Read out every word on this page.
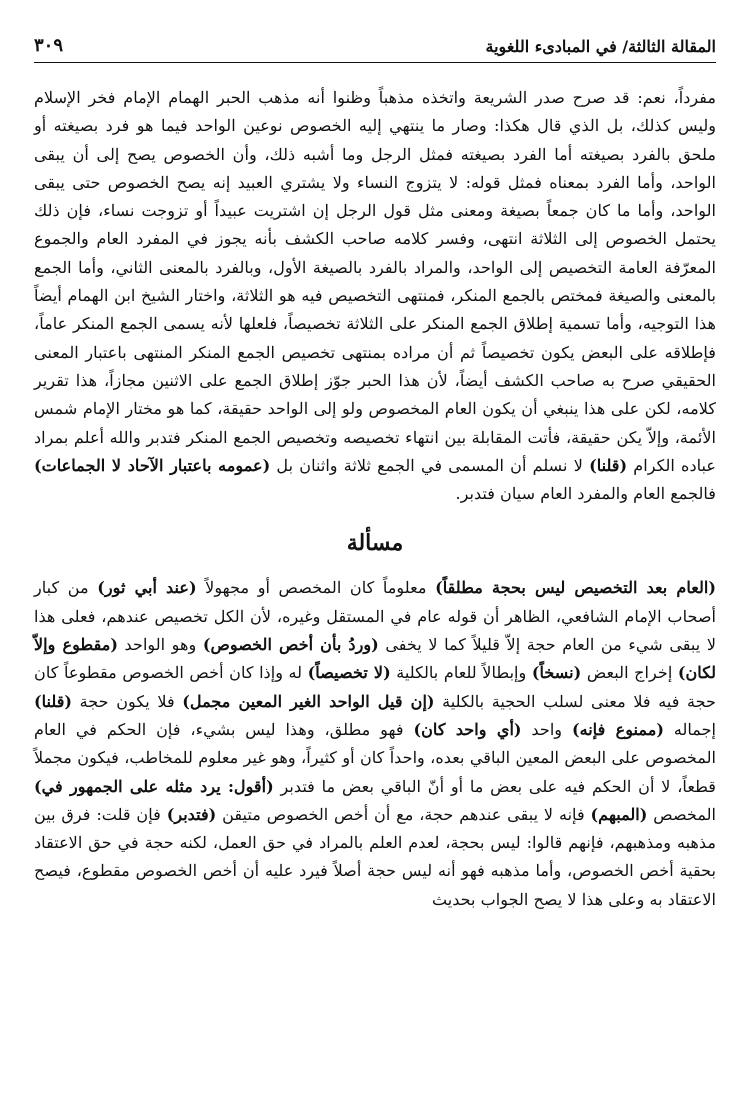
المقالة الثالثة/ في المبادىء اللغوية
٣٠٩

مفرداً، نعم: قد صرح صدر الشريعة واتخذه مذهباً وظنوا أنه مذهب الحبر الهمام الإمام فخر الإسلام وليس كذلك، بل الذي قال هكذا: وصار ما ينتهي إليه الخصوص نوعين الواحد فيما هو فرد بصيغته أو ملحق بالفرد بصيغته أما الفرد بصيغته فمثل الرجل وما أشبه ذلك، وأن الخصوص يصح إلى أن يبقى الواحد، وأما الفرد بمعناه فمثل قوله: لا يتزوج النساء ولا يشتري العبيد إنه يصح الخصوص حتى يبقى الواحد، وأما ما كان جمعاً بصيغة ومعنى مثل قول الرجل إن اشتريت عبيداً أو تزوجت نساء، فإن ذلك يحتمل الخصوص إلى الثلاثة انتهى، وفسر كلامه صاحب الكشف بأنه يجوز في المفرد العام والجموع المعرّفة العامة التخصيص إلى الواحد، والمراد بالفرد بالصيغة الأول، وبالفرد بالمعنى الثاني، وأما الجمع بالمعنى والصيغة فمختص بالجمع المنكر، فمنتهى التخصيص فيه هو الثلاثة، واختار الشيخ ابن الهمام أيضاً هذا التوجيه، وأما تسمية إطلاق الجمع المنكر على الثلاثة تخصيصاً، فلعلها لأنه يسمى الجمع المنكر عاماً، فإطلاقه على البعض يكون تخصيصاً ثم أن مراده بمنتهى تخصيص الجمع المنكر المنتهى باعتبار المعنى الحقيقي صرح به صاحب الكشف أيضاً، لأن هذا الحبر جوّز إطلاق الجمع على الاثنين مجازاً، هذا تقرير كلامه، لكن على هذا ينبغي أن يكون العام المخصوص ولو إلى الواحد حقيقة، كما هو مختار الإمام شمس الأئمة، وإلاّ يكن حقيقة، فأتت المقابلة بين انتهاء تخصيصه وتخصيص الجمع المنكر فتدبر والله أعلم بمراد عباده الكرام (قلنا) لا نسلم أن المسمى في الجمع ثلاثة واثنان بل (عمومه باعتبار الآحاد لا الجماعات) فالجمع العام والمفرد العام سيان فتدبر.

مسألة

(العام بعد التخصيص ليس بحجة مطلقاً) معلوماً كان المخصص أو مجهولاً (عند أبي ثور) من كبار أصحاب الإمام الشافعي، الظاهر أن قوله عام في المستقل وغيره، لأن الكل تخصيص عندهم، فعلى هذا لا يبقى شيء من العام حجة إلاّ قليلاً كما لا يخفى (وردُ بأن أخص الخصوص) وهو الواحد (مقطوع وإلاّ لكان) إخراج البعض (نسخاً) وإبطالاً للعام بالكلية (لا تخصيصاً) له وإذا كان أخص الخصوص مقطوعاً كان حجة فيه فلا معنى لسلب الحجية بالكلية (إن قيل الواحد الغير المعين مجمل) فلا يكون حجة (قلنا) إجماله (ممنوع فإنه) واحد (أي واحد كان) فهو مطلق، وهذا ليس بشيء، فإن الحكم في العام المخصوص على البعض المعين الباقي بعده، واحداً كان أو كثيراً، وهو غير معلوم للمخاطب، فيكون مجملاً قطعاً، لا أن الحكم فيه على بعض ما أو أنّ الباقي بعض ما فتدبر (أقول: يرد مثله على الجمهور في) المخصص (المبهم) فإنه لا يبقى عندهم حجة، مع أن أخص الخصوص متيقن (فتدبر) فإن قلت: فرق بين مذهبه ومذهبهم، فإنهم قالوا: ليس بحجة، لعدم العلم بالمراد في حق العمل، لكنه حجة في حق الاعتقاد بحقية أخص الخصوص، وأما مذهبه فهو أنه ليس حجة أصلاً فيرد عليه أن أخص الخصوص مقطوع، فيصح الاعتقاد به وعلى هذا لا يصح الجواب بحديث
